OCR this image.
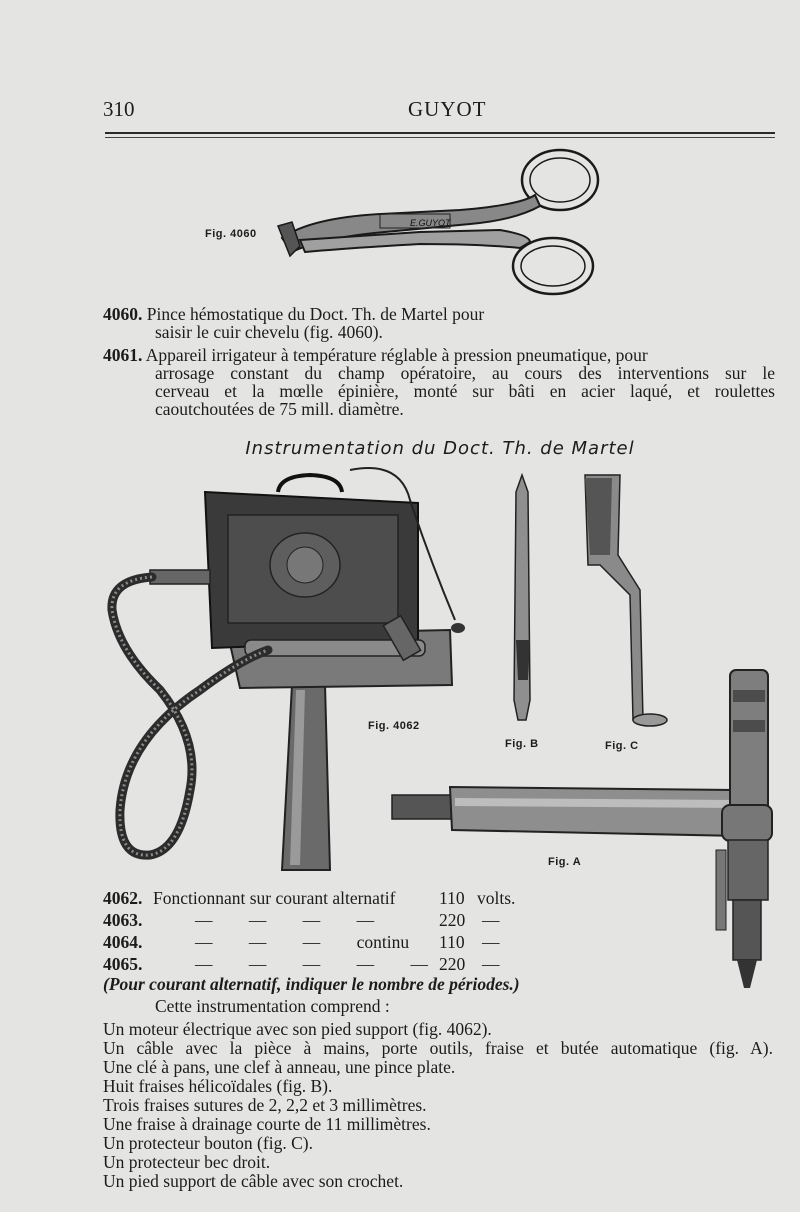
310	GUYOT
Fig. 4060
E.GUYOT
4060. Pince hémostatique du Doct. Th. de Martel pour
saisir le cuir chevelu (fig. 4060).
4061. Appareil irrigateur à température réglable à pression pneumatique, pour
arrosage constant du champ opératoire, au cours des interventions sur le
cerveau et la mœlle épinière, monté sur bâti en acier laqué, et roulettes
caoutchoutées de 75 mill. diamètre.
Instrumentation du Doct. Th. de Martel
Fig. 4062
Fig. B	Fig. C
Fig. A
4062. Fonctionnant sur courant alternatif 110 volts.
4063.	— — — —	220 —
4064.	— — — continu 110 —
4065.	— — — — — 220 —
(Pour courant alternatif, indiquer le nombre de périodes.)
Cette instrumentation comprend :
Un moteur électrique avec son pied support (fig. 4062).
Un câble avec la pièce à mains, porte outils, fraise et butée automatique (fig. A).
Une clé à pans, une clef à anneau, une pince plate.
Huit fraises hélicoïdales (fig. B).
Trois fraises sutures de 2, 2,2 et 3 millimètres.
Une fraise à drainage courte de 11 millimètres.
Un protecteur bouton (fig. C).
Un protecteur bec droit.
Un pied support de câble avec son crochet.
